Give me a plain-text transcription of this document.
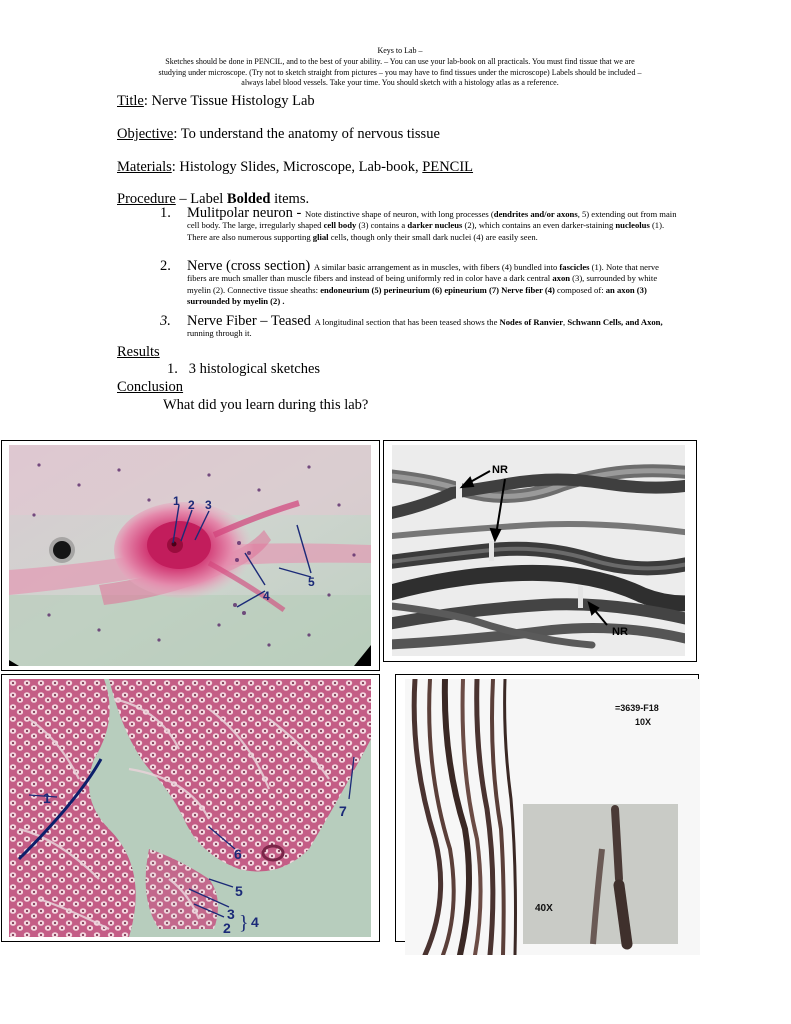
Keys to Lab –
Sketches should be done in PENCIL, and to the best of your ability. – You can use your lab-book on all practicals. You must find tissue that we are
studying under microscope. (Try not to sketch straight from pictures – you may have to find tissues under the microscope) Labels should be included –
always label blood vessels. Take your time. You should sketch with a histology atlas as a reference.
Title: Nerve Tissue Histology Lab
Objective: To understand the anatomy of nervous tissue
Materials: Histology Slides, Microscope, Lab-book, PENCIL
Procedure – Label Bolded items.
1. Mulitpolar neuron - Note distinctive shape of neuron, with long processes (dendrites and/or axons, 5) extending out from main cell body. The large, irregularly shaped cell body (3) contains a darker nucleus (2), which contains an even darker-staining nucleolus (1). There are also numerous supporting glial cells, though only their small dark nuclei (4) are easily seen.
2. Nerve (cross section) A similar basic arrangement as in muscles, with fibers (4) bundled into fascicles (1). Note that nerve fibers are much smaller than muscle fibers and instead of being uniformly red in color have a dark central axon (3), surrounded by white myelin (2). Connective tissue sheaths: endoneurium (5) perineurium (6) epineurium (7) Nerve fiber (4) composed of: an axon (3) surrounded by myelin (2) .
3. Nerve Fiber – Teased A longitudinal section that has been teased shows the Nodes of Ranvier, Schwann Cells, and Axon, running through it.
Results
1. 3 histological sketches
Conclusion
What did you learn during this lab?
1 2 3
4
5
NR
NR
1
6
7
5
3
2 4
}
=3639-F18
10X
40X
